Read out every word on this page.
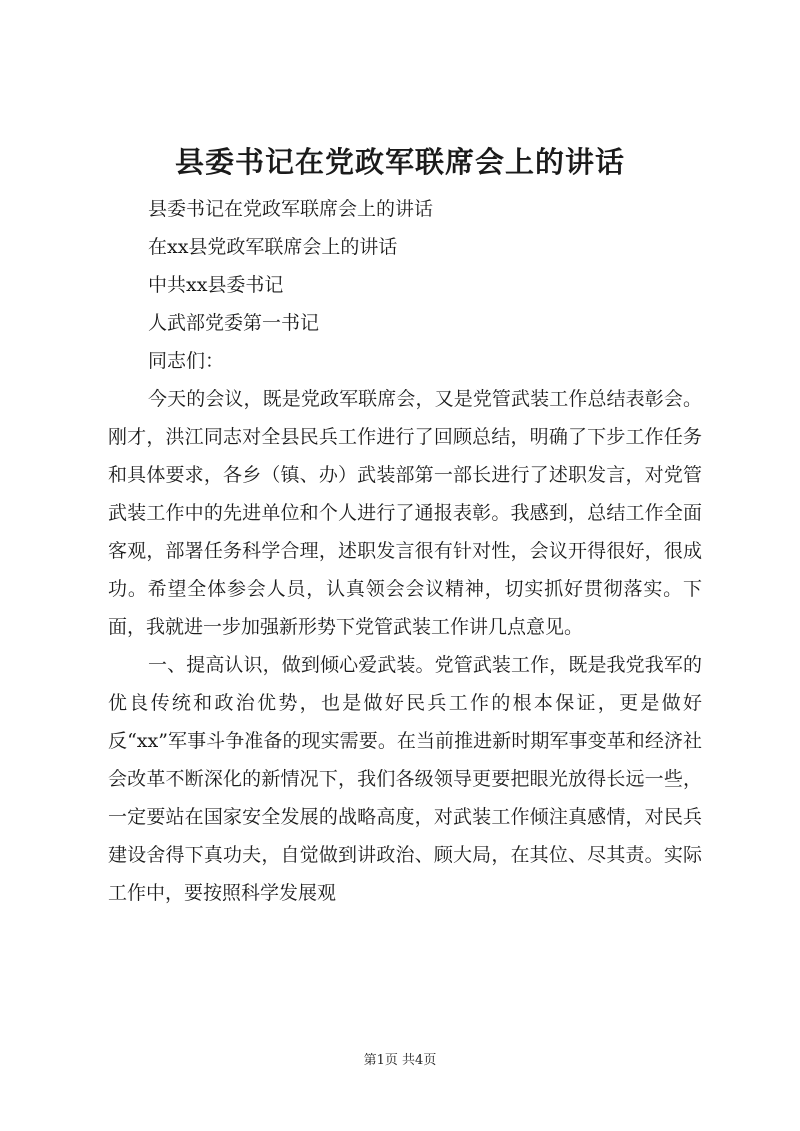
县委书记在党政军联席会上的讲话

县委书记在党政军联席会上的讲话

在xx县党政军联席会上的讲话

中共xx县委书记

人武部党委第一书记

同志们：

今天的会议，既是党政军联席会，又是党管武装工作总结表彰会。刚才，洪江同志对全县民兵工作进行了回顾总结，明确了下步工作任务和具体要求，各乡（镇、办）武装部第一部长进行了述职发言，对党管武装工作中的先进单位和个人进行了通报表彰。我感到，总结工作全面客观，部署任务科学合理，述职发言很有针对性，会议开得很好，很成功。希望全体参会人员，认真领会会议精神，切实抓好贯彻落实。下面，我就进一步加强新形势下党管武装工作讲几点意见。

一、提高认识，做到倾心爱武装。党管武装工作，既是我党我军的优良传统和政治优势，也是做好民兵工作的根本保证，更是做好反“xx”军事斗争准备的现实需要。在当前推进新时期军事变革和经济社会改革不断深化的新情况下，我们各级领导更要把眼光放得长远一些，一定要站在国家安全发展的战略高度，对武装工作倾注真感情，对民兵建设舍得下真功夫，自觉做到讲政治、顾大局，在其位、尽其责。实际工作中，要按照科学发展观

第1页 共4页
